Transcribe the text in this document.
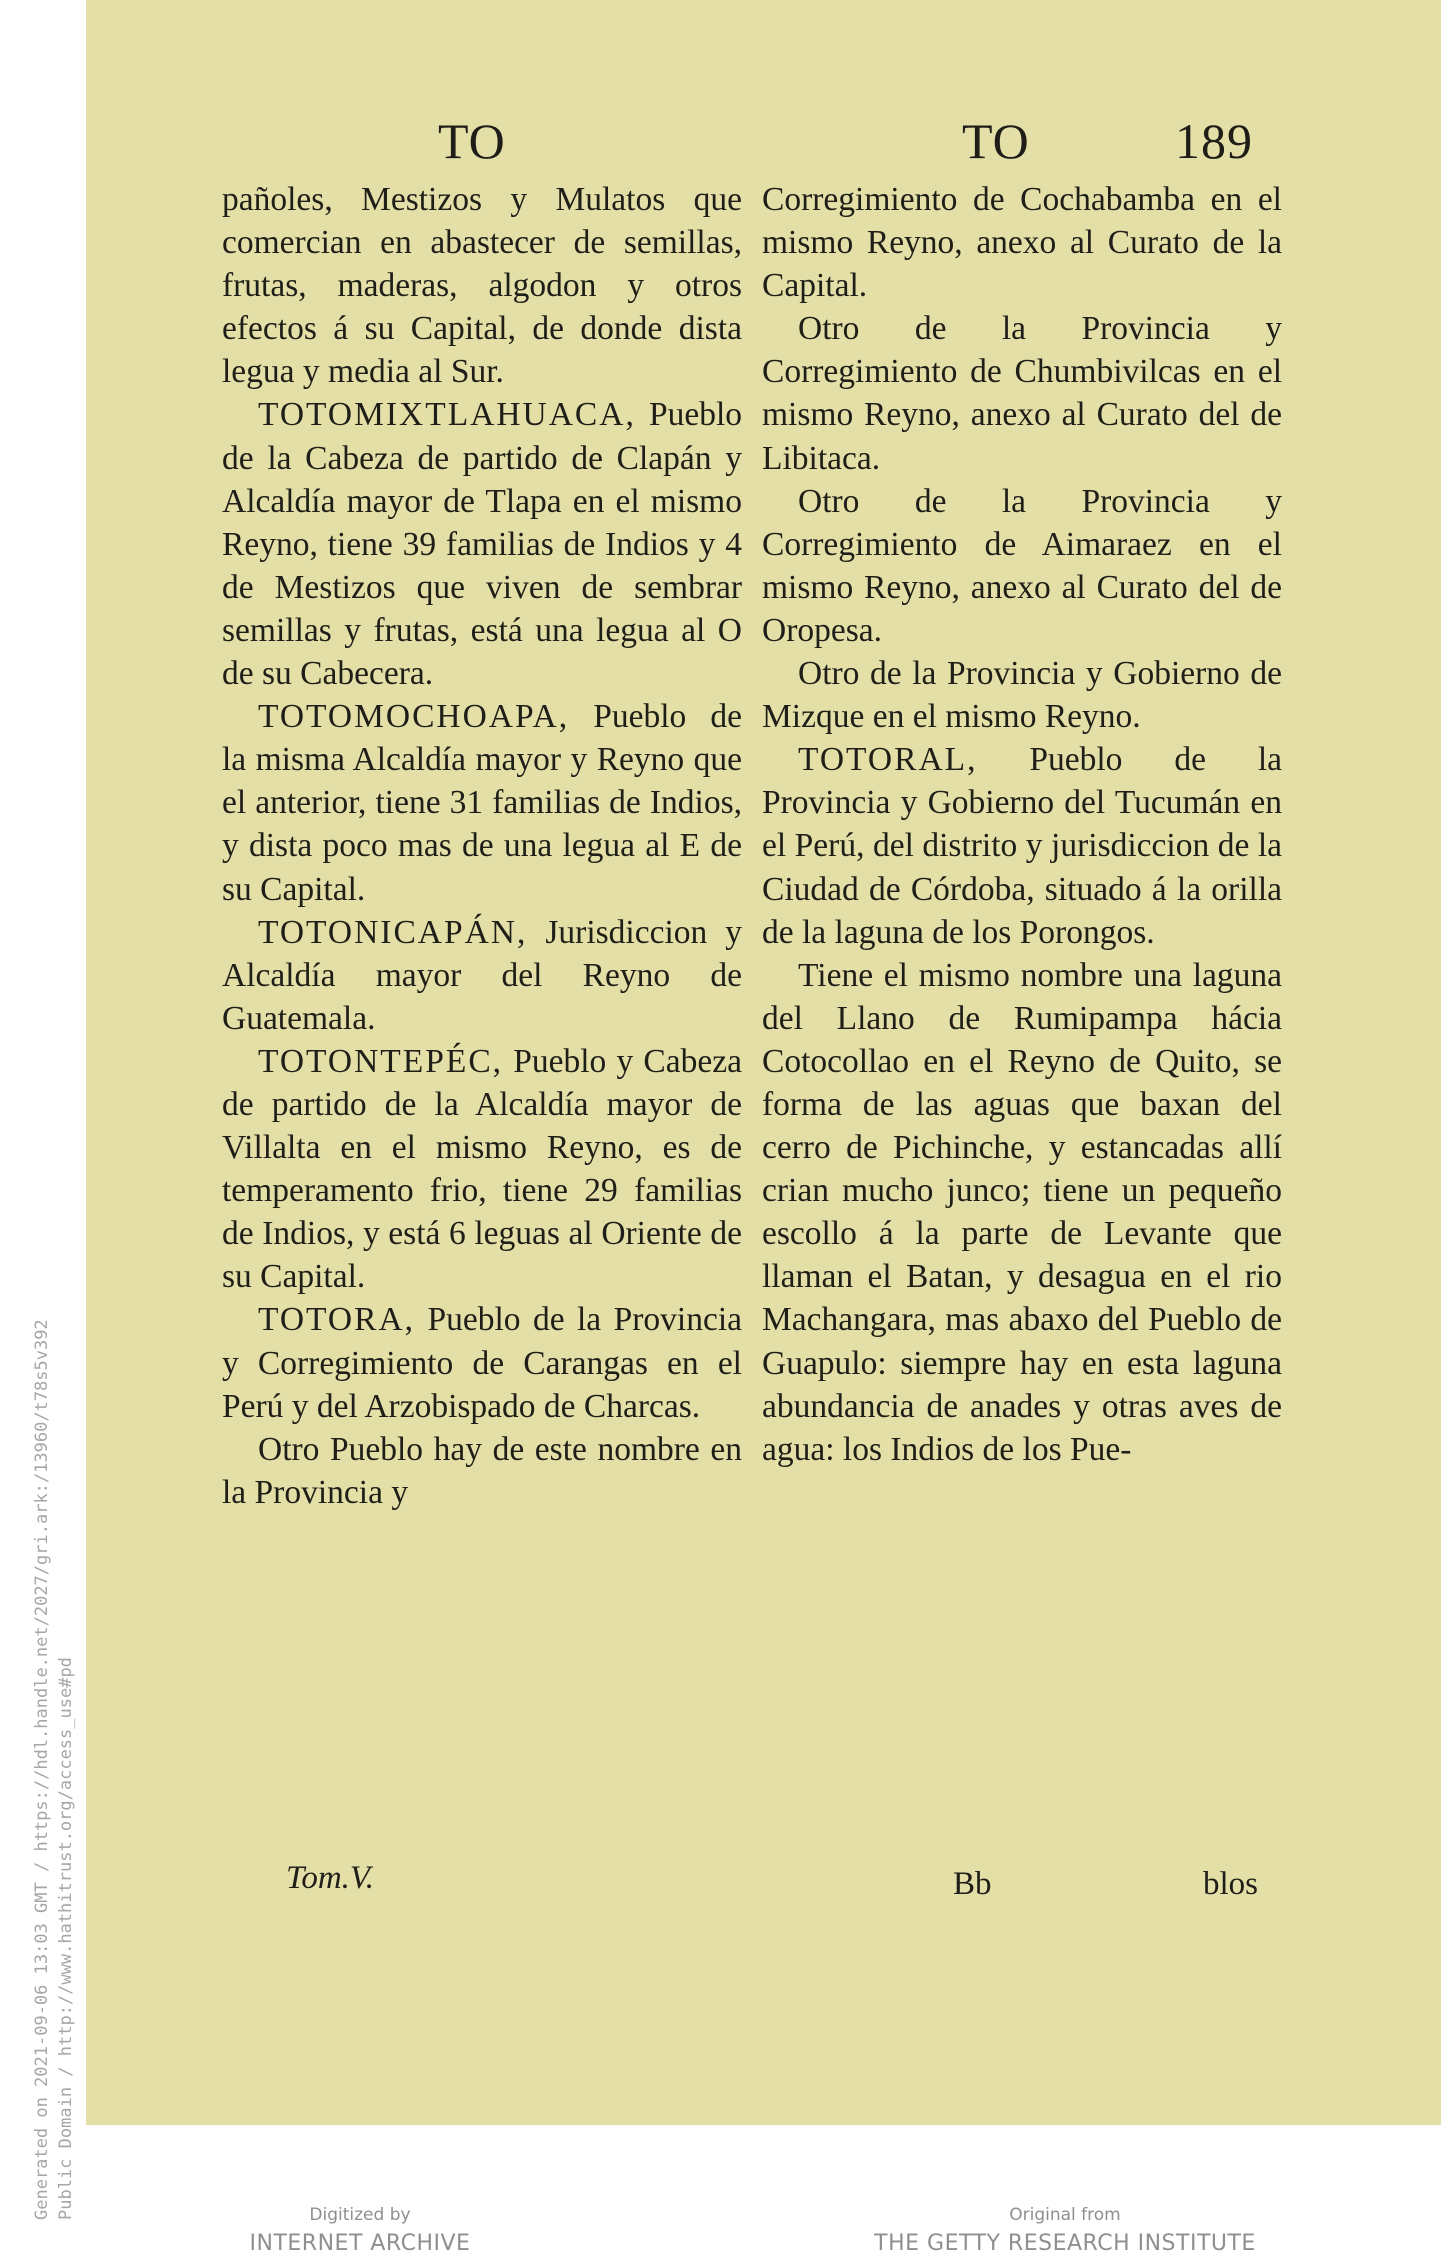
TO	TO	189

pañoles, Mestizos y Mulatos que comercian en abastecer de semillas, frutas, maderas, algodon y otros efectos á su Capital, de donde dista legua y media al Sur.

TOTOMIXTLAHUACA, Pueblo de la Cabeza de partido de Clapán y Alcaldía mayor de Tlapa en el mismo Reyno, tiene 39 familias de Indios y 4 de Mestizos que viven de sembrar semillas y frutas, está una legua al O de su Cabecera.

TOTOMOCHOAPA, Pueblo de la misma Alcaldía mayor y Reyno que el anterior, tiene 31 familias de Indios, y dista poco mas de una legua al E de su Capital.

TOTONICAPÁN, Jurisdiccion y Alcaldía mayor del Reyno de Guatemala.

TOTONTEPÉC, Pueblo y Cabeza de partido de la Alcaldía mayor de Villalta en el mismo Reyno, es de temperamento frio, tiene 29 familias de Indios, y está 6 leguas al Oriente de su Capital.

TOTORA, Pueblo de la Provincia y Corregimiento de Carangas en el Perú y del Arzobispado de Charcas.

Otro Pueblo hay de este nombre en la Provincia y

Corregimiento de Cochabamba en el mismo Reyno, anexo al Curato de la Capital.

Otro de la Provincia y Corregimiento de Chumbivilcas en el mismo Reyno, anexo al Curato del de Libitaca.

Otro de la Provincia y Corregimiento de Aimaraez en el mismo Reyno, anexo al Curato del de Oropesa.

Otro de la Provincia y Gobierno de Mizque en el mismo Reyno.

TOTORAL, Pueblo de la Provincia y Gobierno del Tucumán en el Perú, del distrito y jurisdiccion de la Ciudad de Córdoba, situado á la orilla de la laguna de los Porongos.

Tiene el mismo nombre una laguna del Llano de Rumipampa hácia Cotocollao en el Reyno de Quito, se forma de las aguas que baxan del cerro de Pichinche, y estancadas allí crian mucho junco; tiene un pequeño escollo á la parte de Levante que llaman el Batan, y desagua en el rio Machangara, mas abaxo del Pueblo de Guapulo: siempre hay en esta laguna abundancia de anades y otras aves de agua: los Indios de los Pue-

Tom.V.	Bb	blos
Generated on 2021-09-06 13:03 GMT / https://hdl.handle.net/2027/gri.ark:/13960/t78s5v392 Public Domain / http://www.hathitrust.org/access_use#pd	Digitized by
INTERNET ARCHIVE
Original from
THE GETTY RESEARCH INSTITUTE
